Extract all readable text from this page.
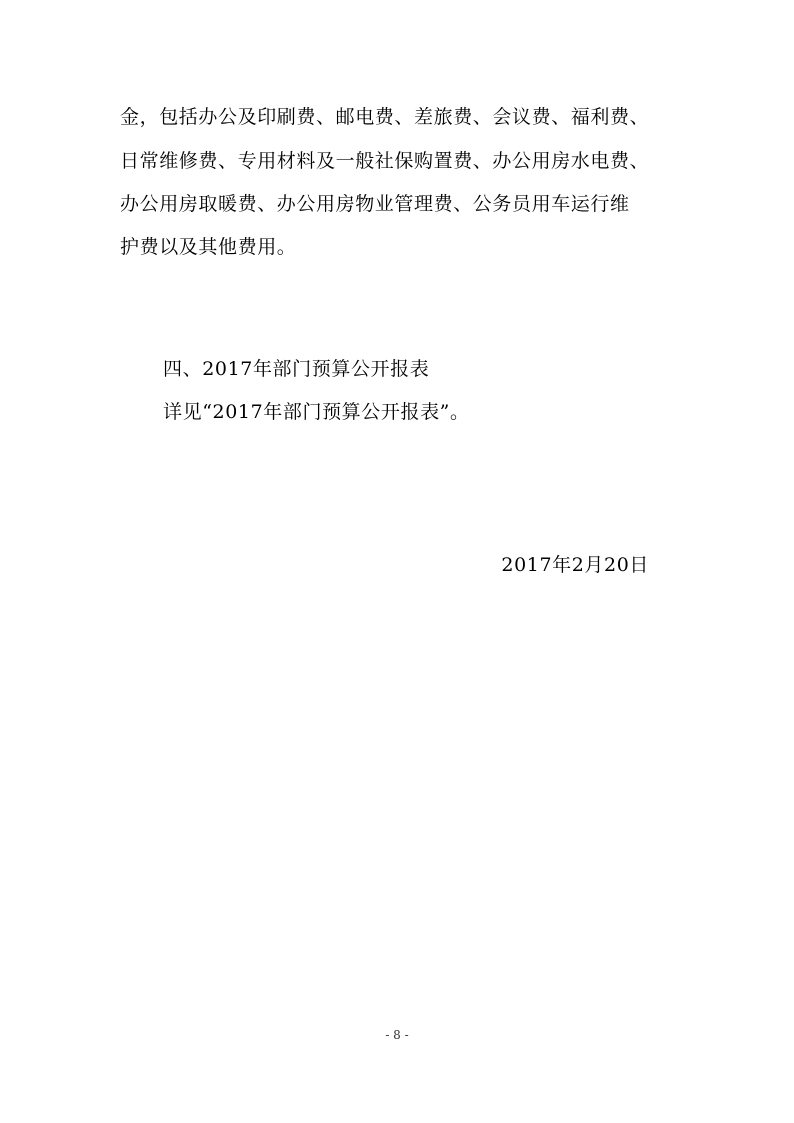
金，包括办公及印刷费、邮电费、差旅费、会议费、福利费、
日常维修费、专用材料及一般社保购置费、办公用房水电费、
办公用房取暖费、办公用房物业管理费、公务员用车运行维
护费以及其他费用。
四、2017年部门预算公开报表
详见“2017年部门预算公开报表”。
2017年2月20日
- 8 -
